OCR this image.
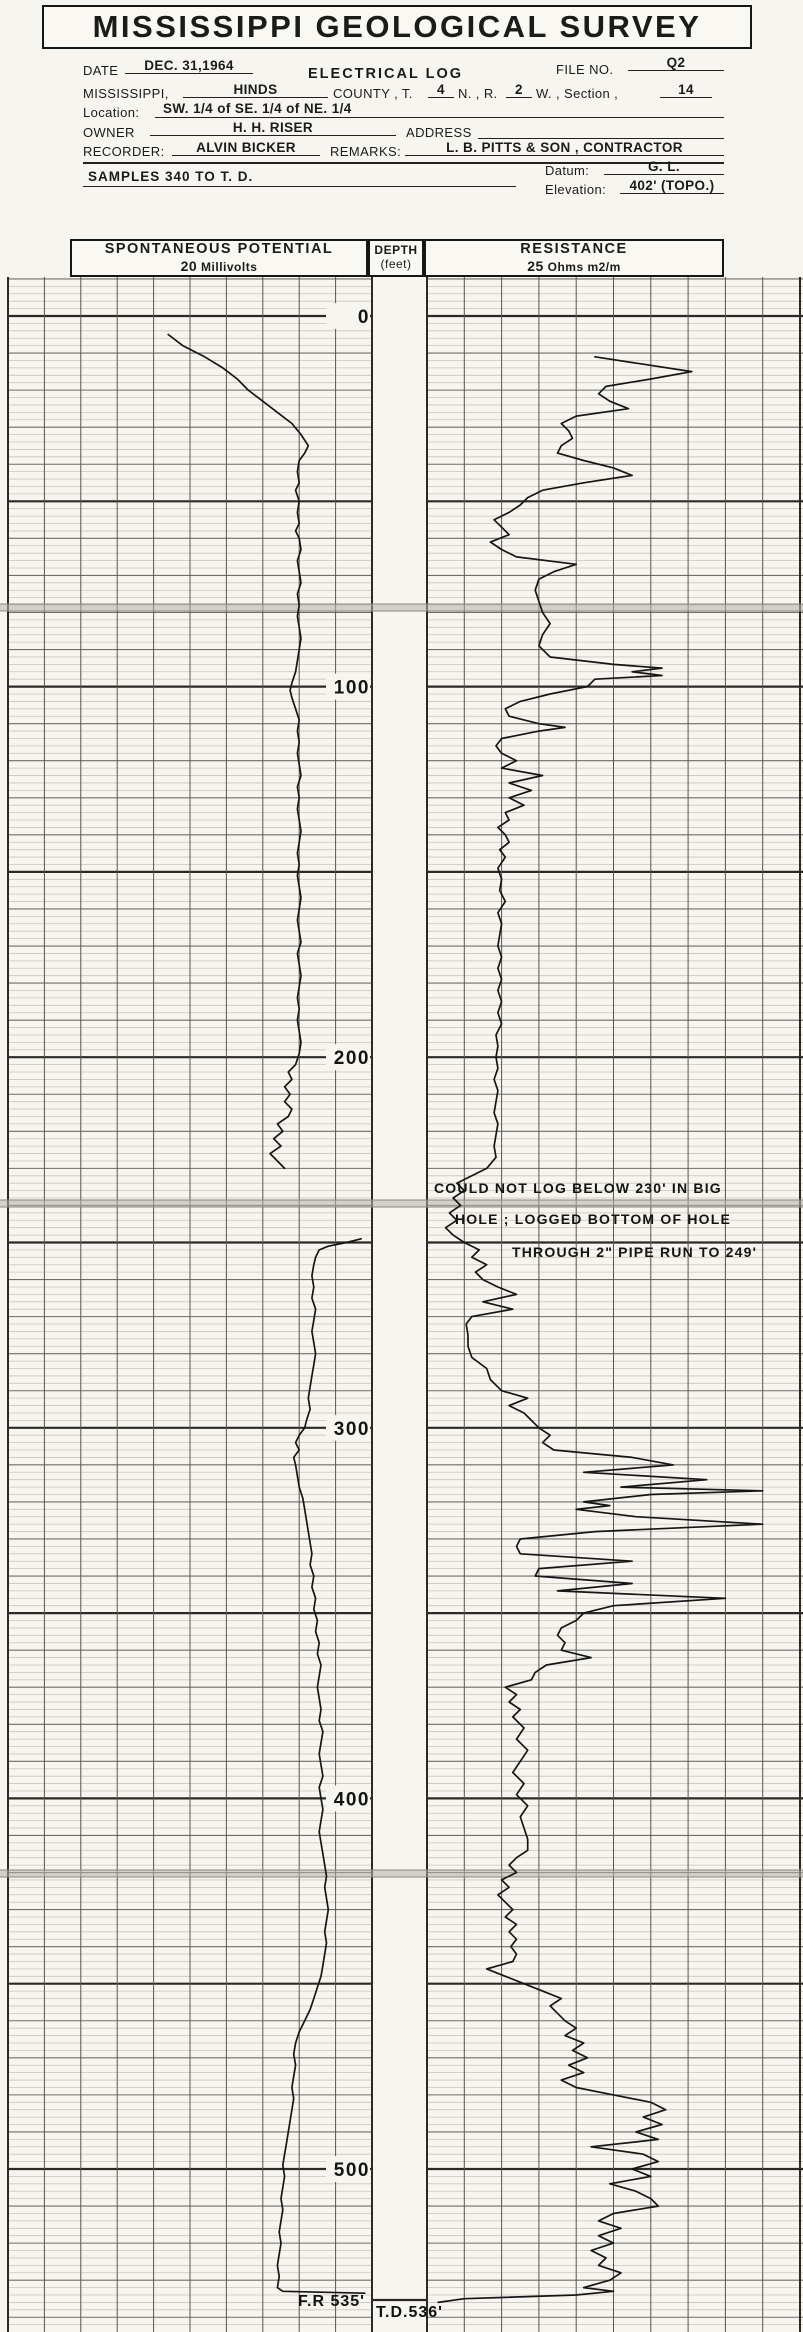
MISSISSIPPI GEOLOGICAL SURVEY
DATE	DEC. 31,1964
ELECTRICAL LOG	FILE NO.	Q2
MISSISSIPPI,	HINDS	COUNTY , T.	4	N. , R.	2	W. , Section ,	14
Location: SW. 1/4 of SE. 1/4 of NE. 1/4
OWNER	H. H. RISER	ADDRESS
RECORDER:	ALVIN BICKER	REMARKS:	L. B. PITTS & SON , CONTRACTOR
Datum:	G. L.
SAMPLES 340 TO T. D.
Elevation:	402' (TOPO.)
SPONTANEOUS POTENTIAL
20 Millivolts
DEPTH
(feet)
RESISTANCE
25 Ohms m2/m
0
100
200
300
400
500
COULD NOT LOG BELOW 230' IN BIG
HOLE ; LOGGED BOTTOM OF HOLE
THROUGH 2" PIPE RUN TO 249'
F.R 535'
T.D.536'
